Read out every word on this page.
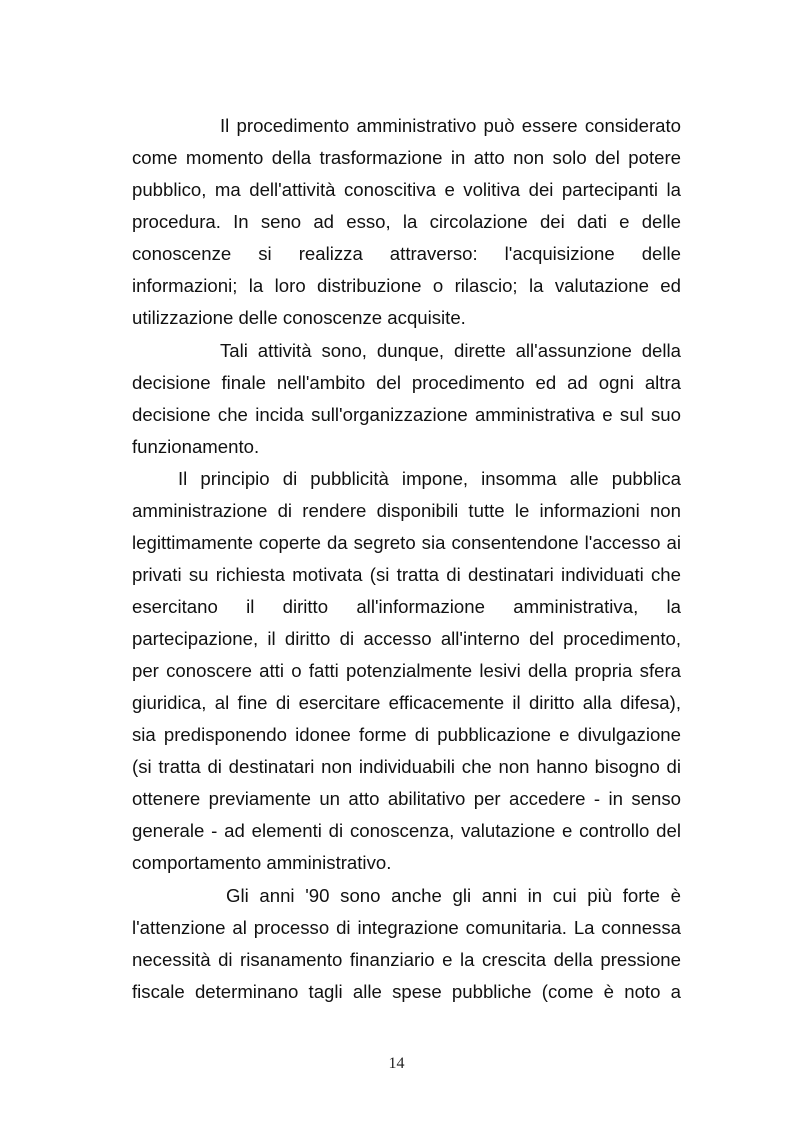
Il procedimento amministrativo può essere considerato
come momento della trasformazione in atto non solo del potere
pubblico, ma dell'attività conoscitiva e volitiva dei partecipanti la
procedura. In seno ad esso, la circolazione dei dati e delle
conoscenze si realizza attraverso: l'acquisizione delle
informazioni; la loro distribuzione o rilascio; la valutazione ed
utilizzazione delle conoscenze acquisite.
Tali attività sono, dunque, dirette all'assunzione della
decisione finale nell'ambito del procedimento ed ad ogni altra
decisione che incida sull'organizzazione amministrativa e sul suo
funzionamento.
Il principio di pubblicità impone, insomma alle pubblica
amministrazione di rendere disponibili tutte le informazioni non
legittimamente coperte da segreto sia consentendone l'accesso ai
privati su richiesta motivata (si tratta di destinatari individuati che
esercitano il diritto all'informazione amministrativa, la
partecipazione, il diritto di accesso all'interno del procedimento,
per conoscere atti o fatti potenzialmente lesivi della propria sfera
giuridica, al fine di esercitare efficacemente il diritto alla difesa),
sia predisponendo idonee forme di pubblicazione e divulgazione
(si tratta di destinatari non individuabili che non hanno bisogno di
ottenere previamente un atto abilitativo per accedere - in senso
generale - ad elementi di conoscenza, valutazione e controllo del
comportamento amministrativo.
Gli anni '90 sono anche gli anni in cui più forte è
l'attenzione al processo di integrazione comunitaria. La connessa
necessità di risanamento finanziario e la crescita della pressione
fiscale determinano tagli alle spese pubbliche (come è noto a
14
